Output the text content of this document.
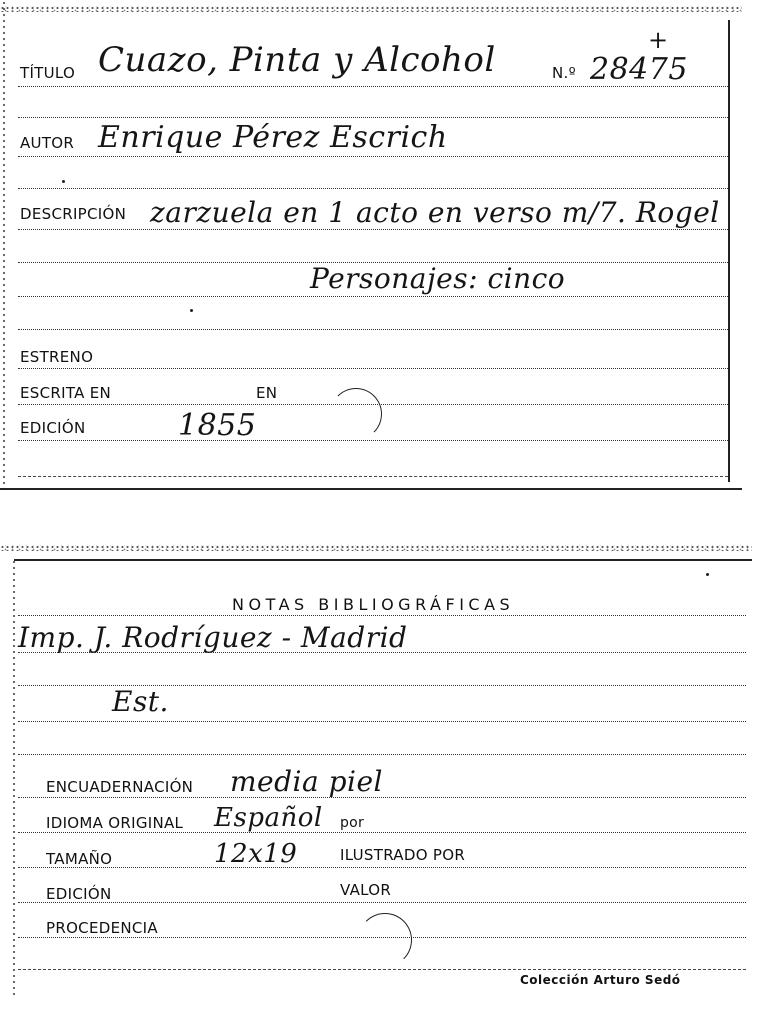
TÍTULO Cuazo, Pinta y Alcohol	N.º 28475
+
AUTOR Enrique Pérez Escrich
DESCRIPCIÓN zarzuela en 1 acto en verso m/7. Rogel
Personajes: cinco
ESTRENO
ESCRITA EN	EN
EDICIÓN	1855
NOTAS BIBLIOGRÁFICAS
Imp. J. Rodríguez - Madrid
Est.
ENCUADERNACIÓN media piel
IDIOMA ORIGINAL Español por
TAMAÑO	12x19	ILUSTRADO POR
EDICIÓN	VALOR
PROCEDENCIA
Colección Arturo Sedó
